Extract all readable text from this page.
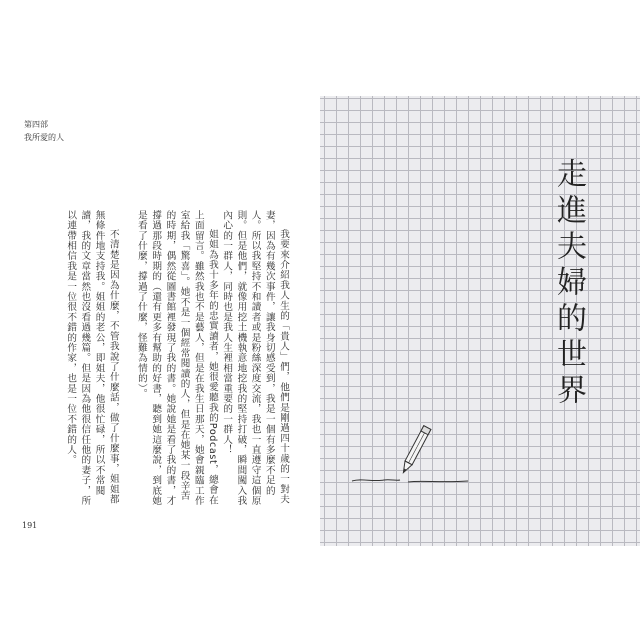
第四部
我所愛的人

我要來介紹我人生的「貴人」們，他們是剛過四十歲的一對夫妻，因為有幾次事件，讓我身切感受到，我是一個有多麼不足的人。所以我堅持不和讀者或是粉絲深度交流，我也一直遵守這個原則。但是他們，就像用挖土機執意地挖我的堅持打破，瞬間闖入我內心的一群人，同時也是我人生裡相當重要的一群人！

姐姐為我十多年的忠實讀者，她很愛聽我的Podcast，總會在上面留言。雖然我也不是藝人，但是在我生日那天，她會親臨工作室給我「驚喜」。她不是一個經常閱讀的人，但是在她某一段辛苦的時期，偶然從圖書館裡發現了我的書。她說她是看了我的書，才撐過那段時期的（還有更多有幫助的好書，聽到她這麼說，到底她是看了什麼，撐過了什麼，怪難為情的）。

不清楚是因為什麼，不管我說了什麼話，做了什麼事，姐姐都無條件地支持我。姐姐的老公，即姐夫，他很忙碌，所以不常閱讀，我的文章當然也沒看過幾篇。但是因為他很信任他的妻子，所以連帶相信我是一位很不錯的作家，也是一位不錯的人。

191
走進夫婦的世界
